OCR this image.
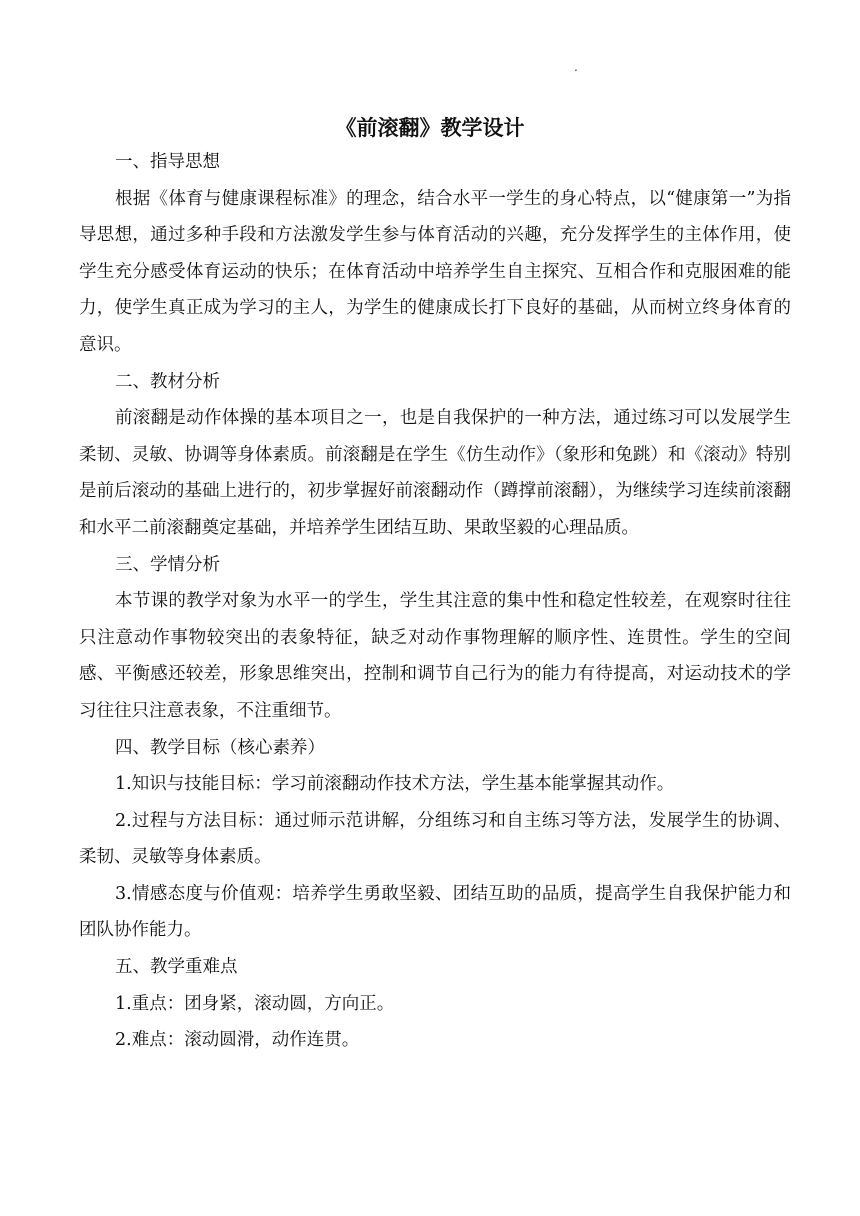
.
《前滚翻》教学设计

一、指导思想

根据《体育与健康课程标准》的理念，结合水平一学生的身心特点，以“健康第一”为指导思想，通过多种手段和方法激发学生参与体育活动的兴趣，充分发挥学生的主体作用，使学生充分感受体育运动的快乐；在体育活动中培养学生自主探究、互相合作和克服困难的能力，使学生真正成为学习的主人，为学生的健康成长打下良好的基础，从而树立终身体育的意识。

二、教材分析

前滚翻是动作体操的基本项目之一，也是自我保护的一种方法，通过练习可以发展学生柔韧、灵敏、协调等身体素质。前滚翻是在学生《仿生动作》（象形和兔跳）和《滚动》特别是前后滚动的基础上进行的，初步掌握好前滚翻动作（蹲撑前滚翻），为继续学习连续前滚翻和水平二前滚翻奠定基础，并培养学生团结互助、果敢坚毅的心理品质。

三、学情分析

本节课的教学对象为水平一的学生，学生其注意的集中性和稳定性较差，在观察时往往只注意动作事物较突出的表象特征，缺乏对动作事物理解的顺序性、连贯性。学生的空间感、平衡感还较差，形象思维突出，控制和调节自己行为的能力有待提高，对运动技术的学习往往只注意表象，不注重细节。

四、教学目标（核心素养）

1.知识与技能目标：学习前滚翻动作技术方法，学生基本能掌握其动作。

2.过程与方法目标：通过师示范讲解，分组练习和自主练习等方法，发展学生的协调、柔韧、灵敏等身体素质。

3.情感态度与价值观：培养学生勇敢坚毅、团结互助的品质，提高学生自我保护能力和团队协作能力。

五、教学重难点

1.重点：团身紧，滚动圆，方向正。

2.难点：滚动圆滑，动作连贯。
